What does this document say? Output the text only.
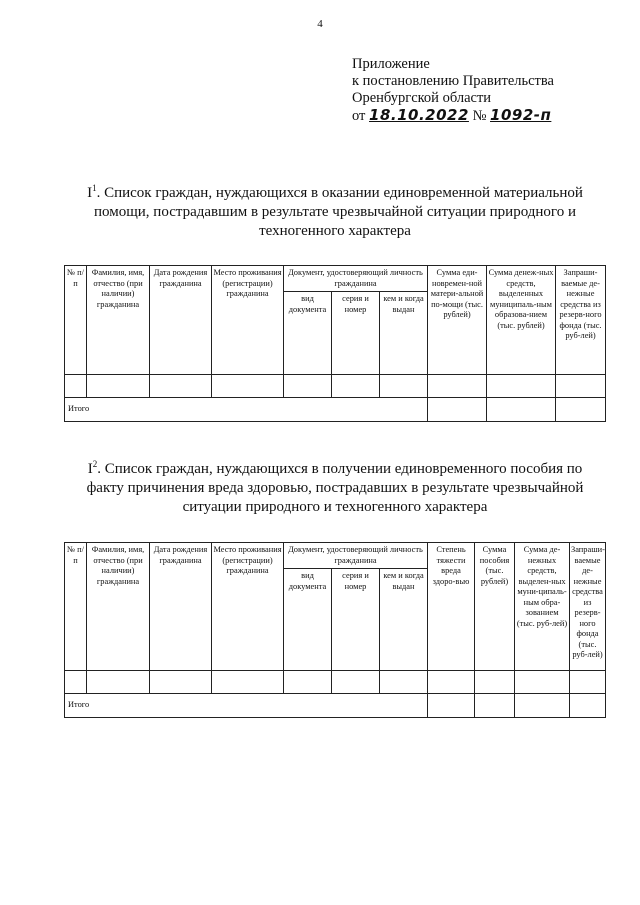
4
Приложение
к постановлению Правительства
Оренбургской области
от 18.10.2022 № 1092-п
$I^1$. Список граждан, нуждающихся в оказании единовременной материальной
помощи, пострадавшим в результате чрезвычайной ситуации природного и
техногенного характера
№ п/п	Фамилия, имя, отчество (при наличии) гражданина	Дата рождения гражданина	Место проживания (регистрации) гражданина	Документ, удостоверяющий личность гражданина			Сумма еди-новремен-ной матери-альной по-мощи (тыс. рублей)	Сумма денеж-ных средств, выделенных муниципаль-ным образова-нием (тыс. рублей)	Запраши-ваемые де-нежные средства из резерв-ного фонда (тыс. руб-лей)
				вид документа	серия и номер	кем и когда выдан			

Итого									
$I^2$. Список граждан, нуждающихся в получении единовременного пособия по
факту причинения вреда здоровью, пострадавших в результате чрезвычайной
ситуации природного и техногенного характера
№ п/п	Фамилия, имя, отчество (при наличии) гражданина	Дата рождения гражданина	Место проживания (регистрации) гражданина	Документ, удостоверяющий личность гражданина			Степень тяжести вреда здоро-вью	Сумма пособия (тыс. рублей)	Сумма де-нежных средств, выделен-ных муни-ципаль-ным обра-зованием (тыс. руб-лей)	Запраши-ваемые де-нежные средства из резерв-ного фонда (тыс. руб-лей)
				вид документа	серия и номер	кем и когда выдан				

Итого										
